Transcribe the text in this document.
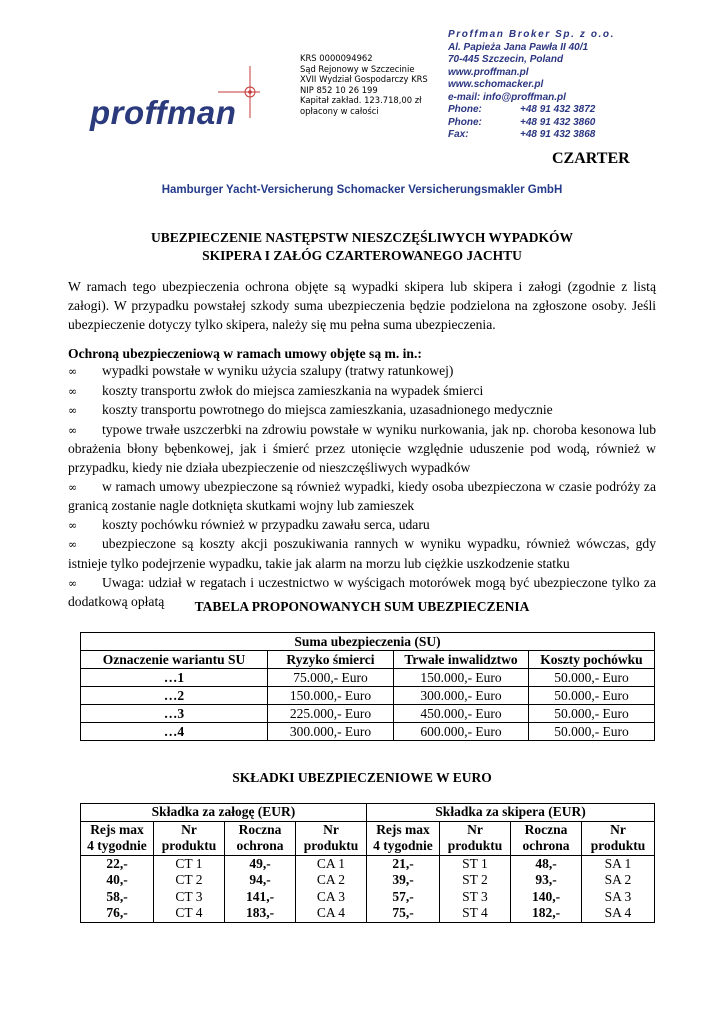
proffman
KRS 0000094962
Sąd Rejonowy w Szczecinie
XVII Wydział Gospodarczy KRS
NIP 852 10 26 199
Kapitał zakład. 123.718,00 zł
opłacony w całości
Proffman Broker Sp. z o.o.
Al. Papieża Jana Pawła II 40/1
70-445 Szczecin, Poland
www.proffman.pl
www.schomacker.pl
e-mail: info@proffman.pl
Phone:	+48 91 432 3872
Phone:	+48 91 432 3860
Fax:	+48 91 432 3868
CZARTER
Hamburger Yacht-Versicherung Schomacker Versicherungsmakler GmbH
UBEZPIECZENIE NASTĘPSTW NIESZCZĘŚLIWYCH WYPADKÓW
SKIPERA I ZAŁÓG CZARTEROWANEGO JACHTU
W ramach tego ubezpieczenia ochrona objęte są wypadki skipera lub skipera i załogi (zgodnie z listą załogi). W przypadku powstałej szkody suma ubezpieczenia będzie podzielona na zgłoszone osoby. Jeśli ubezpieczenie dotyczy tylko skipera, należy się mu pełna suma ubezpieczenia.
Ochroną ubezpieczeniową w ramach umowy objęte są m. in.:
∞ wypadki powstałe w wyniku użycia szalupy (tratwy ratunkowej)
∞ koszty transportu zwłok do miejsca zamieszkania na wypadek śmierci
∞ koszty transportu powrotnego do miejsca zamieszkania, uzasadnionego medycznie
∞ typowe trwałe uszczerbki na zdrowiu powstałe w wyniku nurkowania, jak np. choroba kesonowa lub obrażenia błony bębenkowej, jak i śmierć przez utonięcie względnie uduszenie pod wodą, również w przypadku, kiedy nie działa ubezpieczenie od nieszczęśliwych wypadków
∞ w ramach umowy ubezpieczone są również wypadki, kiedy osoba ubezpieczona w czasie podróży za granicą zostanie nagle dotknięta skutkami wojny lub zamieszek
∞ koszty pochówku również w przypadku zawału serca, udaru
∞ ubezpieczone są koszty akcji poszukiwania rannych w wyniku wypadku, również wówczas, gdy istnieje tylko podejrzenie wypadku, takie jak alarm na morzu lub ciężkie uszkodzenie statku
∞ Uwaga: udział w regatach i uczestnictwo w wyścigach motorówek mogą być ubezpieczone tylko za dodatkową opłatą	TABELA PROPONOWANYCH SUM UBEZPIECZENIA
Suma ubezpieczenia (SU)			
Oznaczenie wariantu SU	Ryzyko śmierci	Trwałe inwalidztwo	Koszty pochówku
…1	75.000,- Euro	150.000,- Euro	50.000,- Euro
…2	150.000,- Euro	300.000,- Euro	50.000,- Euro
…3	225.000,- Euro	450.000,- Euro	50.000,- Euro
…4	300.000,- Euro	600.000,- Euro	50.000,- Euro
SKŁADKI UBEZPIECZENIOWE W EURO
Składka za załogę (EUR)				Składka za skipera (EUR)			
Rejs max	Nr	Roczna	Nr	Rejs max	Nr	Roczna	Nr
4 tygodnie	produktu	ochrona	produktu	4 tygodnie	produktu	ochrona	produktu
22,-	CT 1	49,-	CA 1	21,-	ST 1	48,-	SA 1
40,-	CT 2	94,-	CA 2	39,-	ST 2	93,-	SA 2
58,-	CT 3	141,-	CA 3	57,-	ST 3	140,-	SA 3
76,-	CT 4	183,-	CA 4	75,-	ST 4	182,-	SA 4
